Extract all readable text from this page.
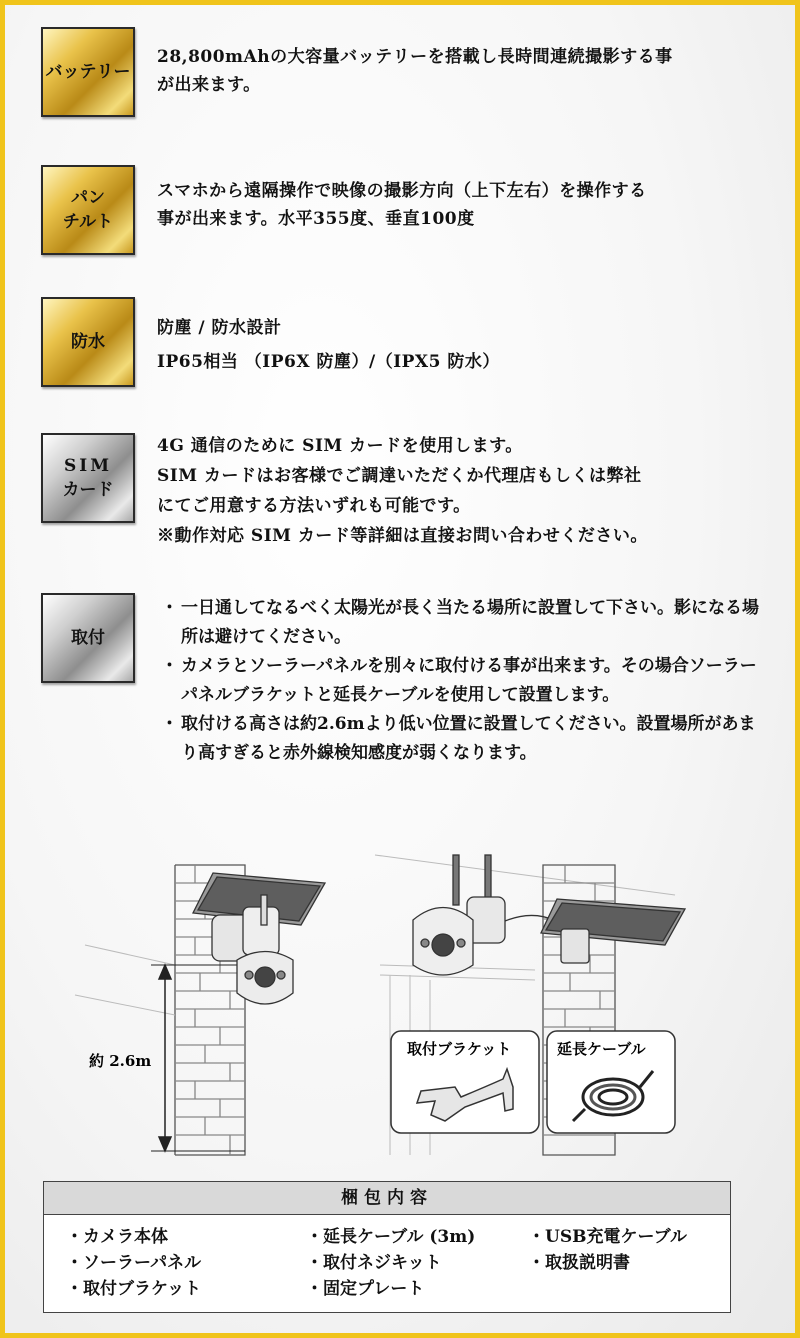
バッテリー

28,800mAhの大容量バッテリーを搭載し長時間連続撮影する事

が出来ます。

パン
チルト

スマホから遠隔操作で映像の撮影方向（上下左右）を操作する

事が出来ます。水平355度、垂直100度

防水

防塵 / 防水設計

IP65相当 （IP6X 防塵）/（IPX5 防水）

SIM
カード

4G 通信のために SIM カードを使用します。

SIM カードはお客様でご調達いただくか代理店もしくは弊社

にてご用意する方法いずれも可能です。

※動作対応 SIM カード等詳細は直接お問い合わせください。

取付
・ 一日通してなるべく太陽光が長く当たる場所に設置して下さい。影になる場所は避けてください。
・ カメラとソーラーパネルを別々に取付ける事が出来ます。その場合ソーラーパネルブラケットと延長ケーブルを使用して設置します。
・ 取付ける高さは約2.6mより低い位置に設置してください。設置場所があまり高すぎると赤外線検知感度が弱くなります。
約 2.6m
取付ブラケット	延長ケーブル
梱包内容
・ カメラ本体
・ ソーラーパネル
・ 取付ブラケット
・ 延長ケーブル (3m)
・ 取付ネジキット
・ 固定プレート
・ USB充電ケーブル
・ 取扱説明書
